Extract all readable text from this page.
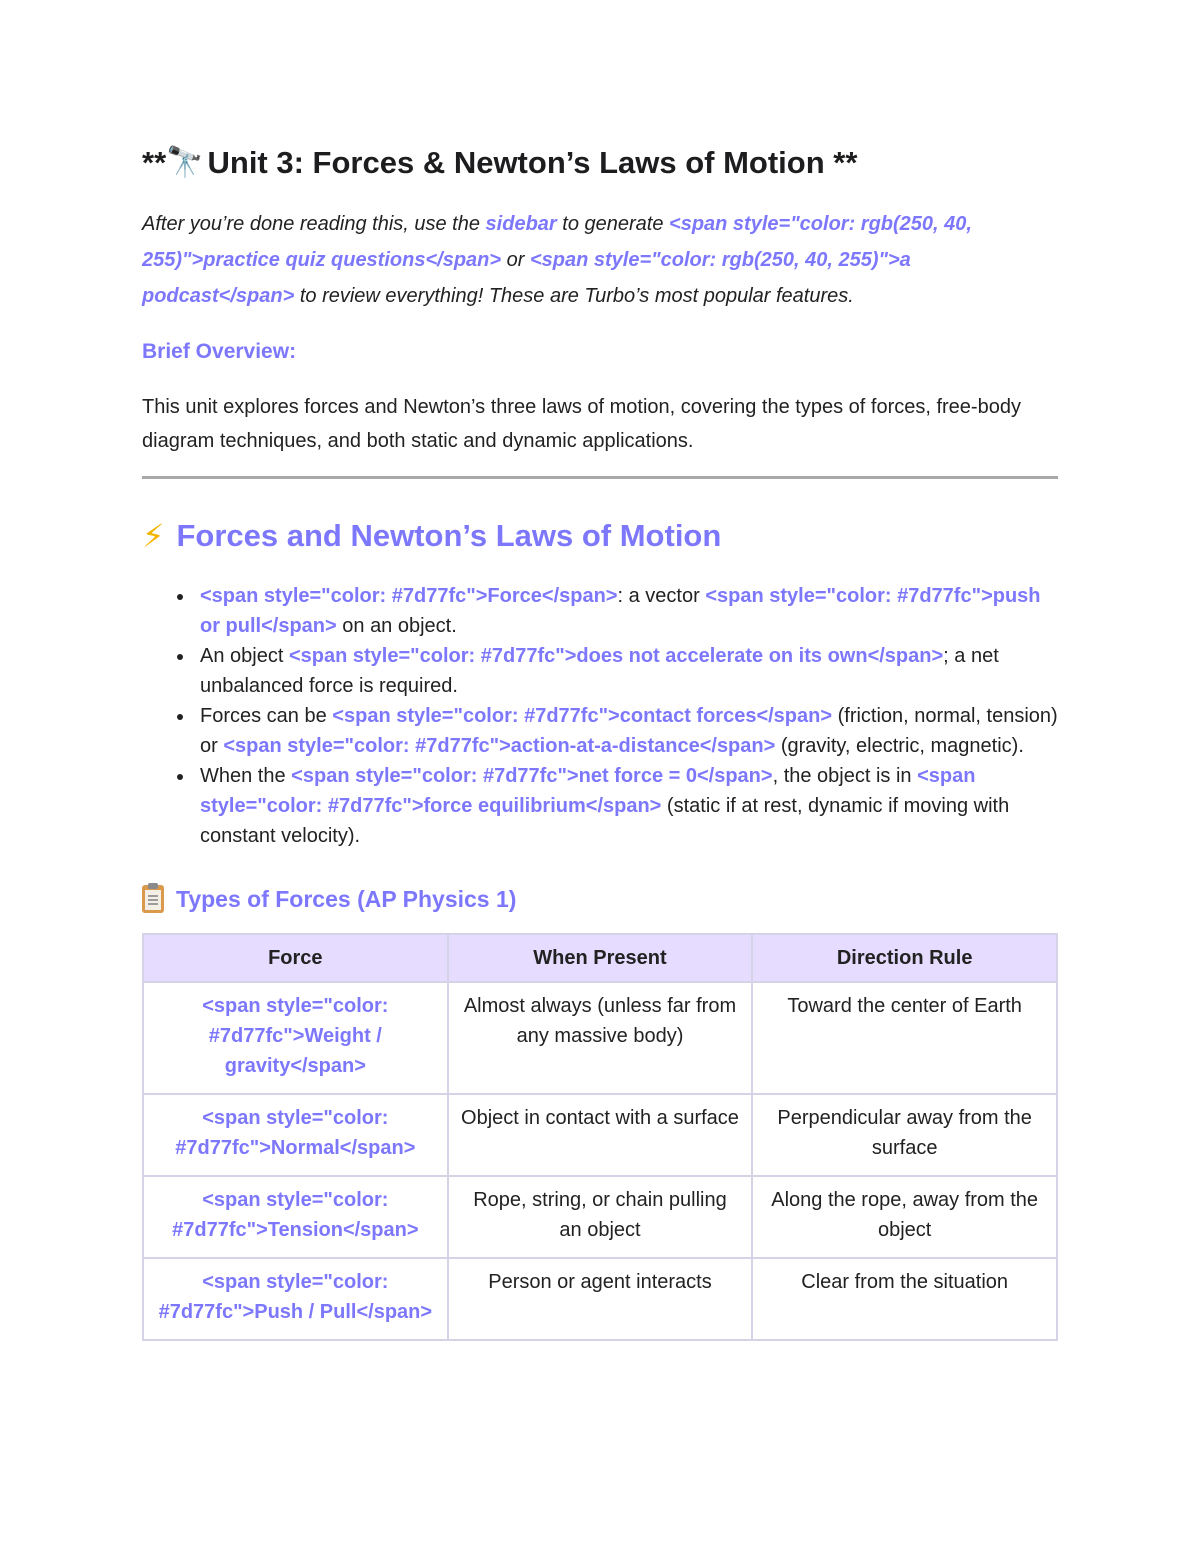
** 🔭 Unit 3: Forces & Newton’s Laws of Motion **

After you’re done reading this, use the sidebar to generate <span style="color: rgb(250, 40, 255)">practice quiz questions</span> or <span style="color: rgb(250, 40, 255)">a podcast</span> to review everything! These are Turbo’s most popular features.

Brief Overview:

This unit explores forces and Newton’s three laws of motion, covering the types of forces, free-body diagram techniques, and both static and dynamic applications.

⚡ Forces and Newton’s Laws of Motion
<span style="color: #7d77fc">Force</span>: a vector <span style="color: #7d77fc">push or pull</span> on an object.
An object <span style="color: #7d77fc">does not accelerate on its own</span>; a net unbalanced force is required.
Forces can be <span style="color: #7d77fc">contact forces</span> (friction, normal, tension) or <span style="color: #7d77fc">action-at-a-distance</span> (gravity, electric, magnetic).
When the <span style="color: #7d77fc">net force = 0</span>, the object is in <span style="color: #7d77fc">force equilibrium</span> (static if at rest, dynamic if moving with constant velocity).
Types of Forces (AP Physics 1)
Force	When Present	Direction Rule
<span style="color: #7d77fc">Weight / gravity</span>	Almost always (unless far from any massive body)	Toward the center of Earth
<span style="color: #7d77fc">Normal</span>	Object in contact with a surface	Perpendicular away from the surface
<span style="color: #7d77fc">Tension</span>	Rope, string, or chain pulling an object	Along the rope, away from the object
<span style="color: #7d77fc">Push / Pull</span>	Person or agent interacts	Clear from the situation
